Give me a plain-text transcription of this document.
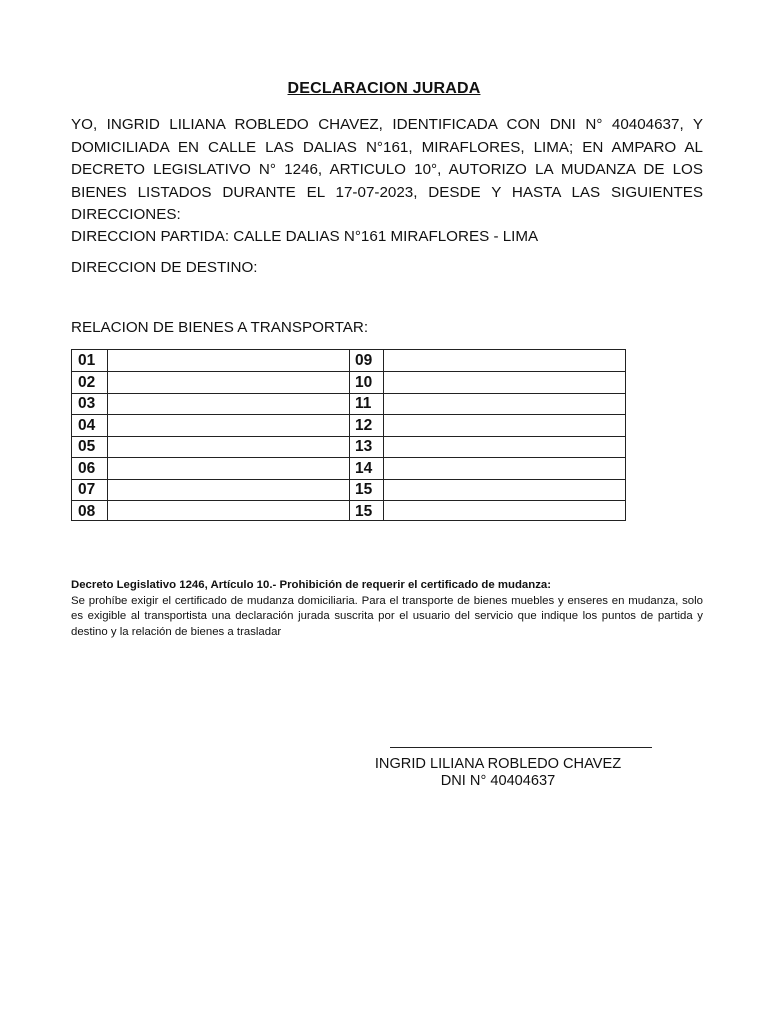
DECLARACION JURADA
YO, INGRID LILIANA ROBLEDO CHAVEZ, IDENTIFICADA CON DNI N° 40404637, Y DOMICILIADA EN CALLE LAS DALIAS N°161, MIRAFLORES, LIMA; EN AMPARO AL DECRETO LEGISLATIVO N° 1246, ARTICULO 10°, AUTORIZO LA MUDANZA DE LOS BIENES LISTADOS DURANTE EL 17-07-2023, DESDE Y HASTA LAS SIGUIENTES DIRECCIONES:
DIRECCION PARTIDA: CALLE DALIAS N°161 MIRAFLORES - LIMA
DIRECCION DE DESTINO:
RELACION DE BIENES A TRANSPORTAR:
01	09
02	10
03	11
04	12
05	13
06	14
07	15
08	15
Decreto Legislativo 1246, Artículo 10.- Prohibición de requerir el certificado de mudanza:
Se prohíbe exigir el certificado de mudanza domiciliaria. Para el transporte de bienes muebles y enseres en mudanza, solo es exigible al transportista una declaración jurada suscrita por el usuario del servicio que indique los puntos de partida y destino y la relación de bienes a trasladar
INGRID LILIANA ROBLEDO CHAVEZ
DNI N° 40404637
